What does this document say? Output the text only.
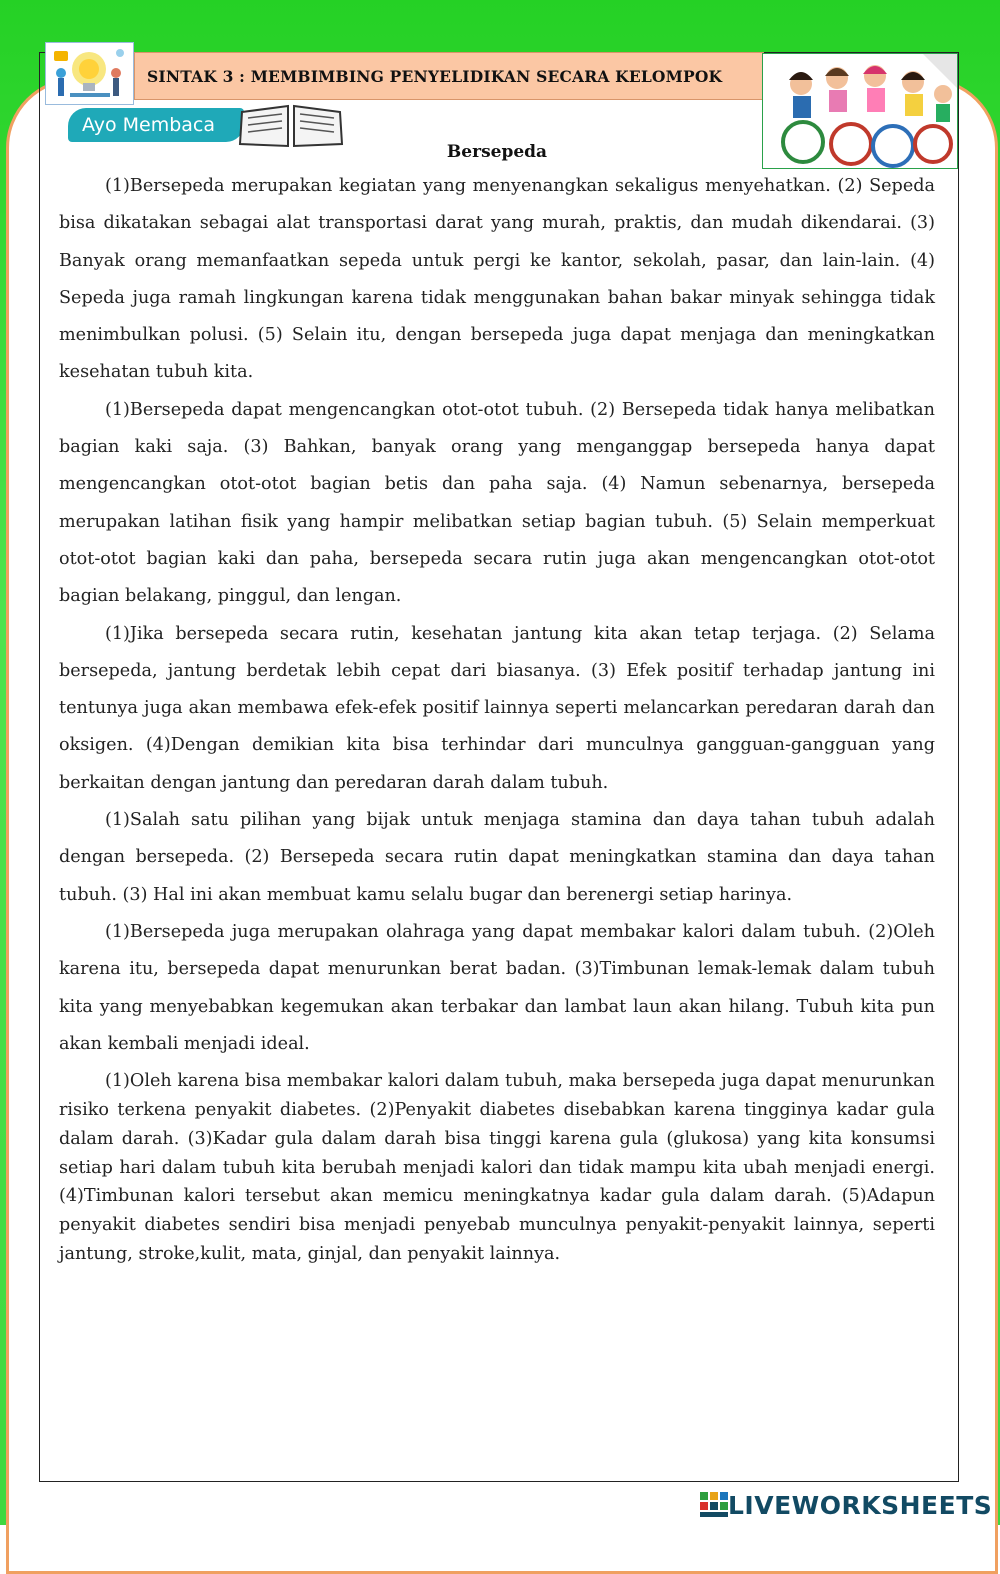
SINTAK 3 : MEMBIMBING PENYELIDIKAN SECARA KELOMPOK
Ayo Membaca
Bersepeda

(1)Bersepeda merupakan kegiatan yang menyenangkan sekaligus menyehatkan. (2) Sepeda bisa dikatakan sebagai alat transportasi darat yang murah, praktis, dan mudah dikendarai. (3) Banyak orang memanfaatkan sepeda untuk pergi ke kantor, sekolah, pasar, dan lain-lain. (4) Sepeda juga ramah lingkungan karena tidak menggunakan bahan bakar minyak sehingga tidak menimbulkan polusi. (5) Selain itu, dengan bersepeda juga dapat menjaga dan meningkatkan kesehatan tubuh kita.

(1)Bersepeda dapat mengencangkan otot-otot tubuh. (2) Bersepeda tidak hanya melibatkan bagian kaki saja. (3) Bahkan, banyak orang yang menganggap bersepeda hanya dapat mengencangkan otot-otot bagian betis dan paha saja. (4) Namun sebenarnya, bersepeda merupakan latihan fisik yang hampir melibatkan setiap bagian tubuh. (5) Selain memperkuat otot-otot bagian kaki dan paha, bersepeda secara rutin juga akan mengencangkan otot-otot bagian belakang, pinggul, dan lengan.

(1)Jika bersepeda secara rutin, kesehatan jantung kita akan tetap terjaga. (2) Selama bersepeda, jantung berdetak lebih cepat dari biasanya. (3) Efek positif terhadap jantung ini tentunya juga akan membawa efek-efek positif lainnya seperti melancarkan peredaran darah dan oksigen. (4)Dengan demikian kita bisa terhindar dari munculnya gangguan-gangguan yang berkaitan dengan jantung dan peredaran darah dalam tubuh.

(1)Salah satu pilihan yang bijak untuk menjaga stamina dan daya tahan tubuh adalah dengan bersepeda. (2) Bersepeda secara rutin dapat meningkatkan stamina dan daya tahan tubuh. (3) Hal ini akan membuat kamu selalu bugar dan berenergi setiap harinya.

(1)Bersepeda juga merupakan olahraga yang dapat membakar kalori dalam tubuh. (2)Oleh karena itu, bersepeda dapat menurunkan berat badan. (3)Timbunan lemak-lemak dalam tubuh kita yang menyebabkan kegemukan akan terbakar dan lambat laun akan hilang. Tubuh kita pun akan kembali menjadi ideal.

(1)Oleh karena bisa membakar kalori dalam tubuh, maka bersepeda juga dapat menurunkan risiko terkena penyakit diabetes. (2)Penyakit diabetes disebabkan karena tingginya kadar gula dalam darah. (3)Kadar gula dalam darah bisa tinggi karena gula (glukosa) yang kita konsumsi setiap hari dalam tubuh kita berubah menjadi kalori dan tidak mampu kita ubah menjadi energi. (4)Timbunan kalori tersebut akan memicu meningkatnya kadar gula dalam darah. (5)Adapun penyakit diabetes sendiri bisa menjadi penyebab munculnya penyakit-penyakit lainnya, seperti jantung, stroke,kulit, mata, ginjal, dan penyakit lainnya.

LIVEWORKSHEETS
